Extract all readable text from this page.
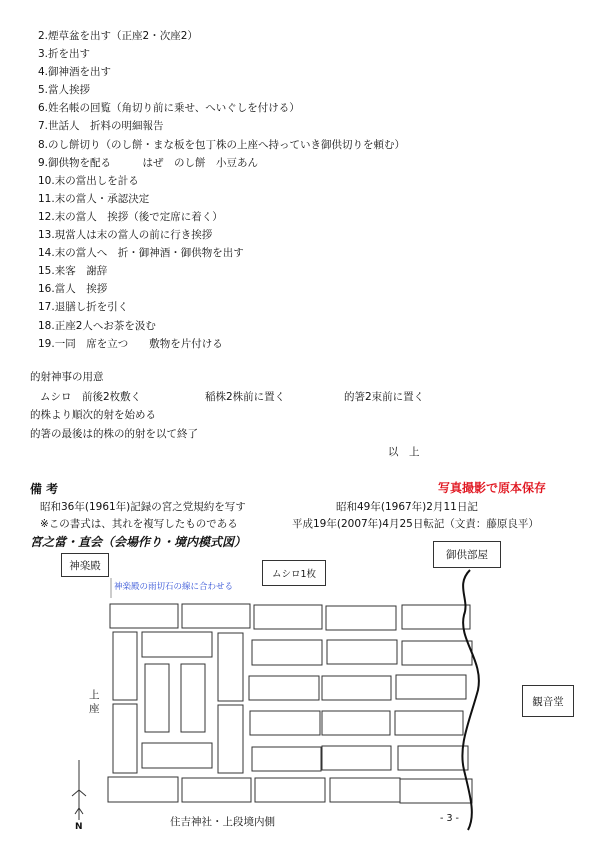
2.煙草盆を出す（正座2・次座2）
3.折を出す
4.御神酒を出す
5.當人挨拶
6.姓名帳の回覧（角切り前に乗せ、へいぐしを付ける）
7.世話人　折料の明細報告
8.のし餅切り（のし餅・まな板を包丁株の上座へ持っていき御供切りを頼む）
9.御供物を配る　　　はぜ　のし餅　小豆あん
10.末の當出しを計る
11.末の當人・承認決定
12.末の當人　挨拶（後で定席に着く）
13.現當人は末の當人の前に行き挨拶
14.末の當人へ　折・御神酒・御供物を出す
15.来客　謝辞
16.當人　挨拶
17.退膳し折を引く
18.正座2人へお茶を汲む
19.一同　席を立つ　　敷物を片付ける
的射神事の用意
ムシロ　前後2枚敷く	稲株2株前に置く	的箸2束前に置く
的株より順次的射を始める
的箸の最後は的株の的射を以て終了
以　上
備 考	写真撮影で原本保存
昭和36年(1961年)記録の宮之党規約を写す	昭和49年(1967年)2月11日記
※この書式は、其れを複写したものである	平成19年(2007年)4月25日転記（文責：藤原良平）
宮之當・直会（会場作り・境内模式図）
神楽殿
ムシロ1枚
御供部屋
観音堂
神楽殿の雨切石の線に合わせる
上座
住吉神社・上段境内側
N
- 3 -
